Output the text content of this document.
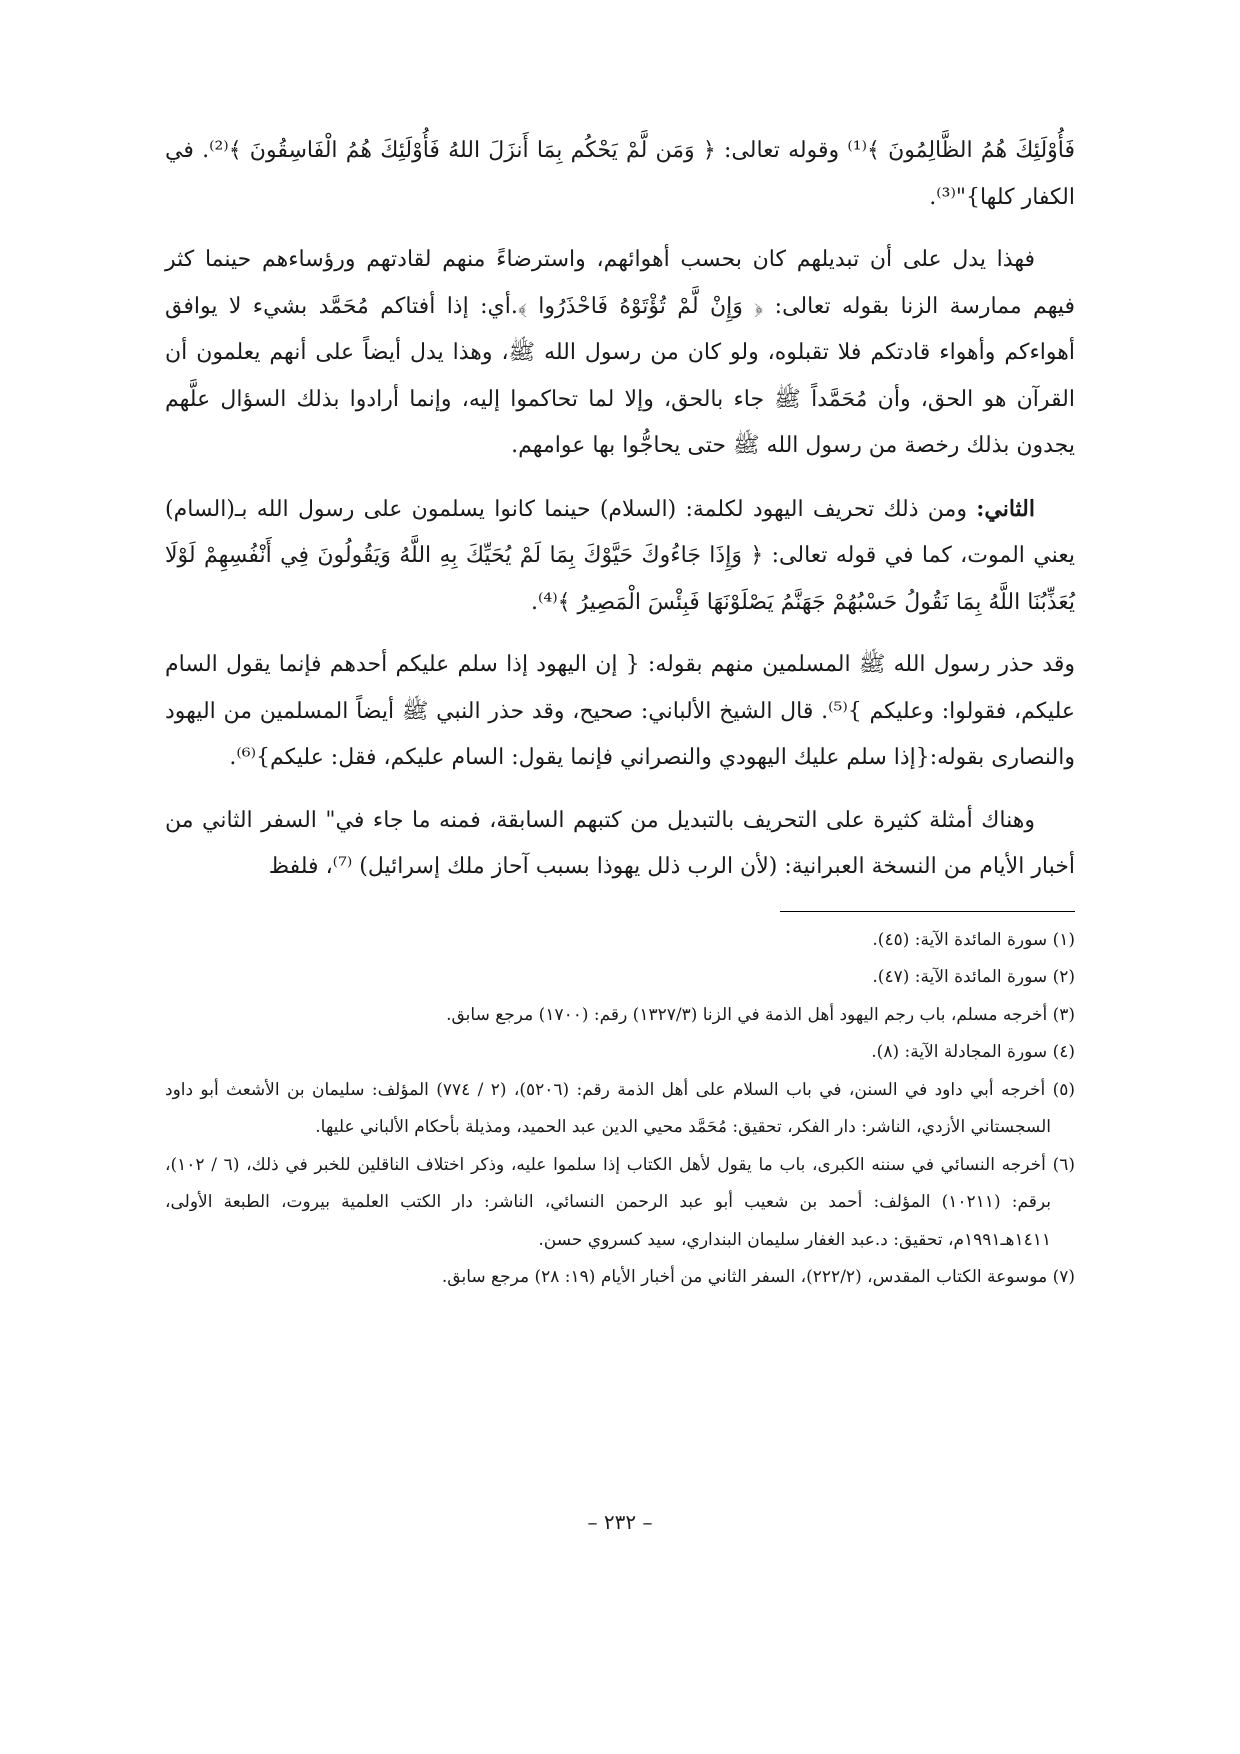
فَأُوْلَئِكَ هُمُ الظَّالِمُونَ ﴾⁽¹⁾ وقوله تعالى: ﴿ وَمَن لَّمْ يَحْكُم بِمَا أَنزَلَ اللهُ فَأُوْلَئِكَ هُمُ الْفَاسِقُونَ ﴾⁽²⁾. في الكفار كلها}"⁽³⁾.

فهذا يدل على أن تبديلهم كان بحسب أهوائهم، واسترضاءً منهم لقادتهم ورؤساءهم حينما كثر فيهم ممارسة الزنا بقوله تعالى: ﴿ وَإِنْ لَّمْ تُؤْتَوْهُ فَاحْذَرُوا ﴾.أي: إذا أفتاكم مُحَمَّد بشيء لا يوافق أهواءكم وأهواء قادتكم فلا تقبلوه، ولو كان من رسول الله ﷺ، وهذا يدل أيضاً على أنهم يعلمون أن القرآن هو الحق، وأن مُحَمَّداً ﷺ جاء بالحق، وإلا لما تحاكموا إليه، وإنما أرادوا بذلك السؤال علَّهم يجدون بذلك رخصة من رسول الله ﷺ حتى يحاجُّوا بها عوامهم.

الثاني: ومن ذلك تحريف اليهود لكلمة: (السلام) حينما كانوا يسلمون على رسول الله بـ(السام) يعني الموت، كما في قوله تعالى: ﴿ وَإِذَا جَاءُوكَ حَيَّوْكَ بِمَا لَمْ يُحَيِّكَ بِهِ اللَّهُ وَيَقُولُونَ فِي أَنْفُسِهِمْ لَوْلَا يُعَذِّبُنَا اللَّهُ بِمَا نَقُولُ حَسْبُهُمْ جَهَنَّمُ يَصْلَوْنَهَا فَبِئْسَ الْمَصِيرُ ﴾⁽⁴⁾.

وقد حذر رسول الله ﷺ المسلمين منهم بقوله: { إن اليهود إذا سلم عليكم أحدهم فإنما يقول السام عليكم، فقولوا: وعليكم }⁽⁵⁾. قال الشيخ الألباني: صحيح، وقد حذر النبي ﷺ أيضاً المسلمين من اليهود والنصارى بقوله:{إذا سلم عليك اليهودي والنصراني فإنما يقول: السام عليكم، فقل: عليكم}⁽⁶⁾.

وهناك أمثلة كثيرة على التحريف بالتبديل من كتبهم السابقة، فمنه ما جاء في" السفر الثاني من أخبار الأيام من النسخة العبرانية: (لأن الرب ذلل يهوذا بسبب آحاز ملك إسرائيل) ⁽⁷⁾، فلفظ

(١) سورة المائدة الآية: (٤٥).

(٢) سورة المائدة الآية: (٤٧).

(٣) أخرجه مسلم، باب رجم اليهود أهل الذمة في الزنا (١٣٢٧/٣) رقم: (١٧٠٠) مرجع سابق.

(٤) سورة المجادلة الآية: (٨).

(٥) أخرجه أبي داود في السنن، في باب السلام على أهل الذمة رقم: (٥٢٠٦)، (٢ / ٧٧٤) المؤلف: سليمان بن الأشعث أبو داود السجستاني الأزدي، الناشر: دار الفكر، تحقيق: مُحَمَّد محيي الدين عبد الحميد، ومذيلة بأحكام الألباني عليها.

(٦) أخرجه النسائي في سننه الكبرى، باب ما يقول لأهل الكتاب إذا سلموا عليه، وذكر اختلاف الناقلين للخبر في ذلك، (٦ / ١٠٢)، برقم: (١٠٢١١) المؤلف: أحمد بن شعيب أبو عبد الرحمن النسائي، الناشر: دار الكتب العلمية بيروت، الطبعة الأولى، ١٤١١هـ١٩٩١م، تحقيق: د.عبد الغفار سليمان البنداري، سيد كسروي حسن.

(٧) موسوعة الكتاب المقدس، (٢٢٢/٢)، السفر الثاني من أخبار الأيام (١٩: ٢٨) مرجع سابق.

– ٢٣٢ –
